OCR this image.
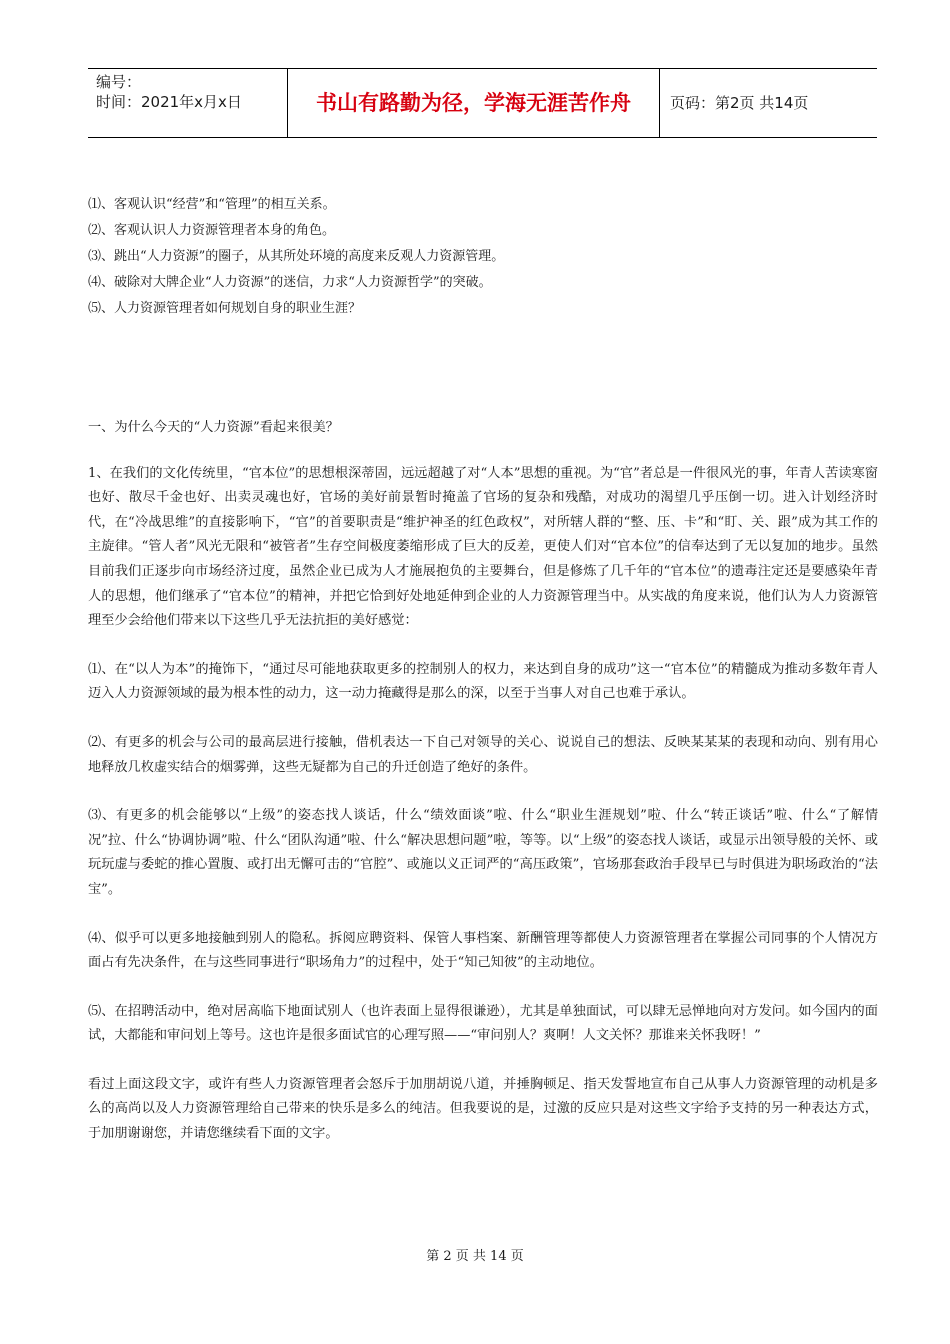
编号：
时间：2021年x月x日	书山有路勤为径，学海无涯苦作舟	页码：第2页 共14页
⑴、客观认识“经营”和“管理”的相互关系。
⑵、客观认识人力资源管理者本身的角色。
⑶、跳出“人力资源”的圈子，从其所处环境的高度来反观人力资源管理。
⑷、破除对大牌企业“人力资源”的迷信，力求“人力资源哲学”的突破。
⑸、人力资源管理者如何规划自身的职业生涯？

一、为什么今天的“人力资源”看起来很美？

1、在我们的文化传统里，“官本位”的思想根深蒂固，远远超越了对“人本”思想的重视。为“官”者总是一件很风光的事，年青人苦读寒窗也好、散尽千金也好、出卖灵魂也好，官场的美好前景暂时掩盖了官场的复杂和残酷，对成功的渴望几乎压倒一切。进入计划经济时代，在“冷战思维”的直接影响下，“官”的首要职责是“维护神圣的红色政权”，对所辖人群的“整、压、卡”和“盯、关、跟”成为其工作的主旋律。“管人者”风光无限和“被管者”生存空间极度萎缩形成了巨大的反差，更使人们对“官本位”的信奉达到了无以复加的地步。虽然目前我们正逐步向市场经济过度，虽然企业已成为人才施展抱负的主要舞台，但是修炼了几千年的“官本位”的遗毒注定还是要感染年青人的思想，他们继承了“官本位”的精神，并把它恰到好处地延伸到企业的人力资源管理当中。从实战的角度来说，他们认为人力资源管理至少会给他们带来以下这些几乎无法抗拒的美好感觉：

⑴、在“以人为本”的掩饰下，“通过尽可能地获取更多的控制别人的权力，来达到自身的成功”这一“官本位”的精髓成为推动多数年青人迈入人力资源领域的最为根本性的动力，这一动力掩藏得是那么的深，以至于当事人对自己也难于承认。

⑵、有更多的机会与公司的最高层进行接触，借机表达一下自己对领导的关心、说说自己的想法、反映某某某的表现和动向、别有用心地释放几枚虚实结合的烟雾弹，这些无疑都为自己的升迁创造了绝好的条件。

⑶、有更多的机会能够以“上级”的姿态找人谈话，什么“绩效面谈”啦、什么“职业生涯规划”啦、什么“转正谈话”啦、什么“了解情况”拉、什么“协调协调”啦、什么“团队沟通”啦、什么“解决思想问题”啦，等等。以“上级”的姿态找人谈话，或显示出领导般的关怀、或玩玩虚与委蛇的推心置腹、或打出无懈可击的“官腔”、或施以义正词严的“高压政策”，官场那套政治手段早已与时俱进为职场政治的“法宝”。

⑷、似乎可以更多地接触到别人的隐私。拆阅应聘资料、保管人事档案、新酬管理等都使人力资源管理者在掌握公司同事的个人情况方面占有先决条件，在与这些同事进行“职场角力”的过程中，处于“知己知彼”的主动地位。

⑸、在招聘活动中，绝对居高临下地面试别人（也许表面上显得很谦逊），尤其是单独面试，可以肆无忌惮地向对方发问。如今国内的面试，大都能和审问划上等号。这也许是很多面试官的心理写照——“审问别人？爽啊！人文关怀？那谁来关怀我呀！”

看过上面这段文字，或许有些人力资源管理者会怒斥于加朋胡说八道，并捶胸顿足、指天发誓地宣布自己从事人力资源管理的动机是多么的高尚以及人力资源管理给自己带来的快乐是多么的纯洁。但我要说的是，过激的反应只是对这些文字给予支持的另一种表达方式，于加朋谢谢您，并请您继续看下面的文字。

第 2 页 共 14 页
